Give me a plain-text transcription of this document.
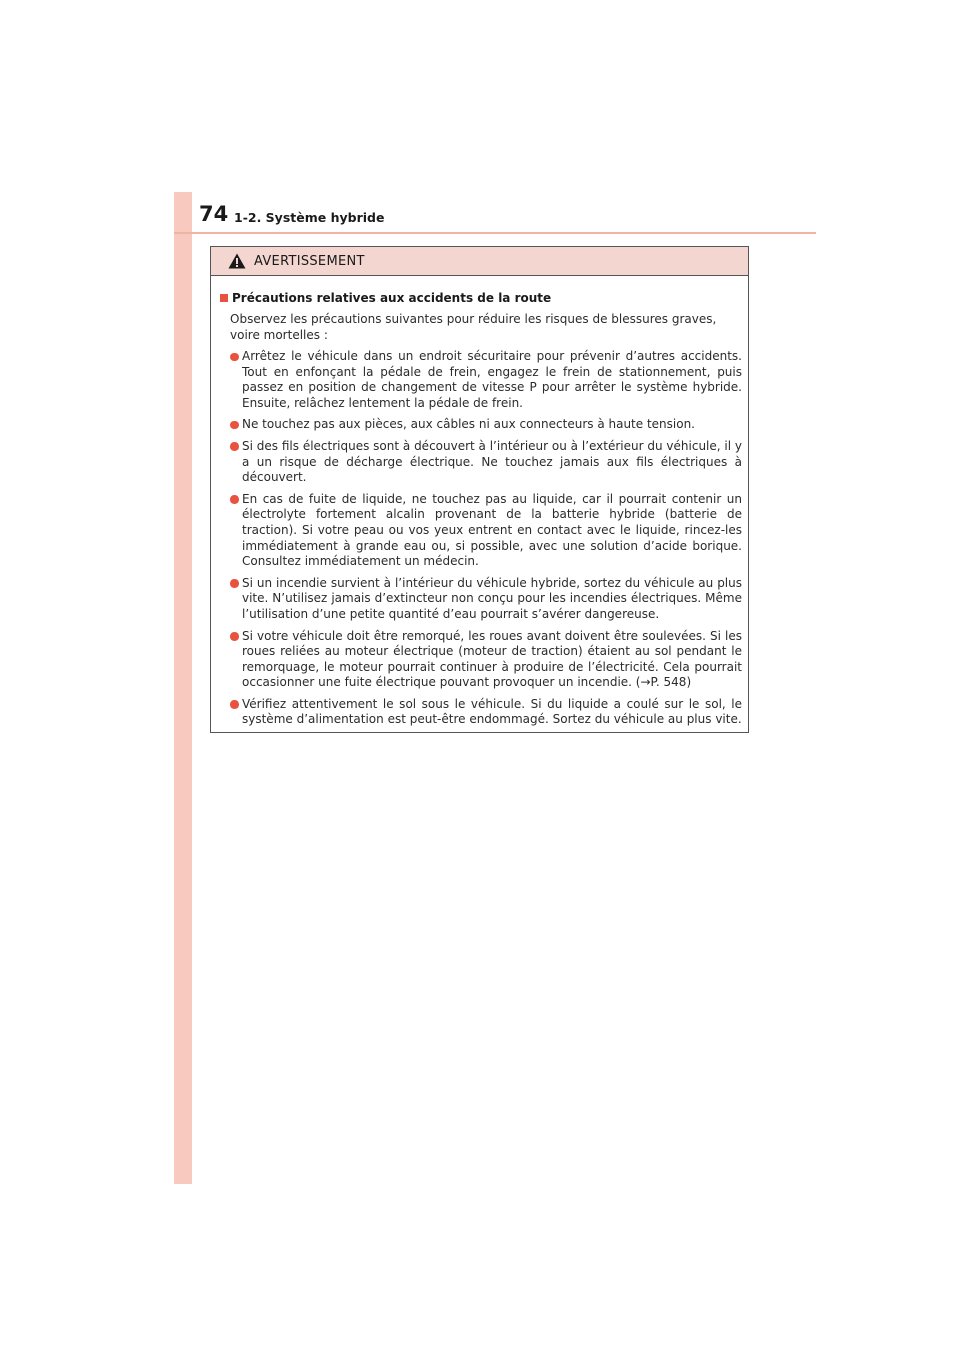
74 1-2. Système hybride
AVERTISSEMENT
Précautions relatives aux accidents de la route
Observez les précautions suivantes pour réduire les risques de blessures graves, voire mortelles :
Arrêtez le véhicule dans un endroit sécuritaire pour prévenir d’autres accidents. Tout en enfonçant la pédale de frein, engagez le frein de stationnement, puis passez en position de changement de vitesse P pour arrêter le système hybride. Ensuite, relâchez lentement la pédale de frein.
Ne touchez pas aux pièces, aux câbles ni aux connecteurs à haute tension.
Si des fils électriques sont à découvert à l’intérieur ou à l’extérieur du véhicule, il y a un risque de décharge électrique. Ne touchez jamais aux fils électriques à découvert.
En cas de fuite de liquide, ne touchez pas au liquide, car il pourrait contenir un électrolyte fortement alcalin provenant de la batterie hybride (batterie de traction). Si votre peau ou vos yeux entrent en contact avec le liquide, rincez-les immédiatement à grande eau ou, si possible, avec une solution d’acide borique. Consultez immédiatement un médecin.
Si un incendie survient à l’intérieur du véhicule hybride, sortez du véhicule au plus vite. N’utilisez jamais d’extincteur non conçu pour les incendies électriques. Même l’utilisation d’une petite quantité d’eau pourrait s’avérer dangereuse.
Si votre véhicule doit être remorqué, les roues avant doivent être soulevées. Si les roues reliées au moteur électrique (moteur de traction) étaient au sol pendant le remorquage, le moteur pourrait continuer à produire de l’électricité. Cela pourrait occasionner une fuite électrique pouvant provoquer un incendie. (→P. 548)
Vérifiez attentivement le sol sous le véhicule. Si du liquide a coulé sur le sol, le système d’alimentation est peut-être endommagé. Sortez du véhicule au plus vite.
